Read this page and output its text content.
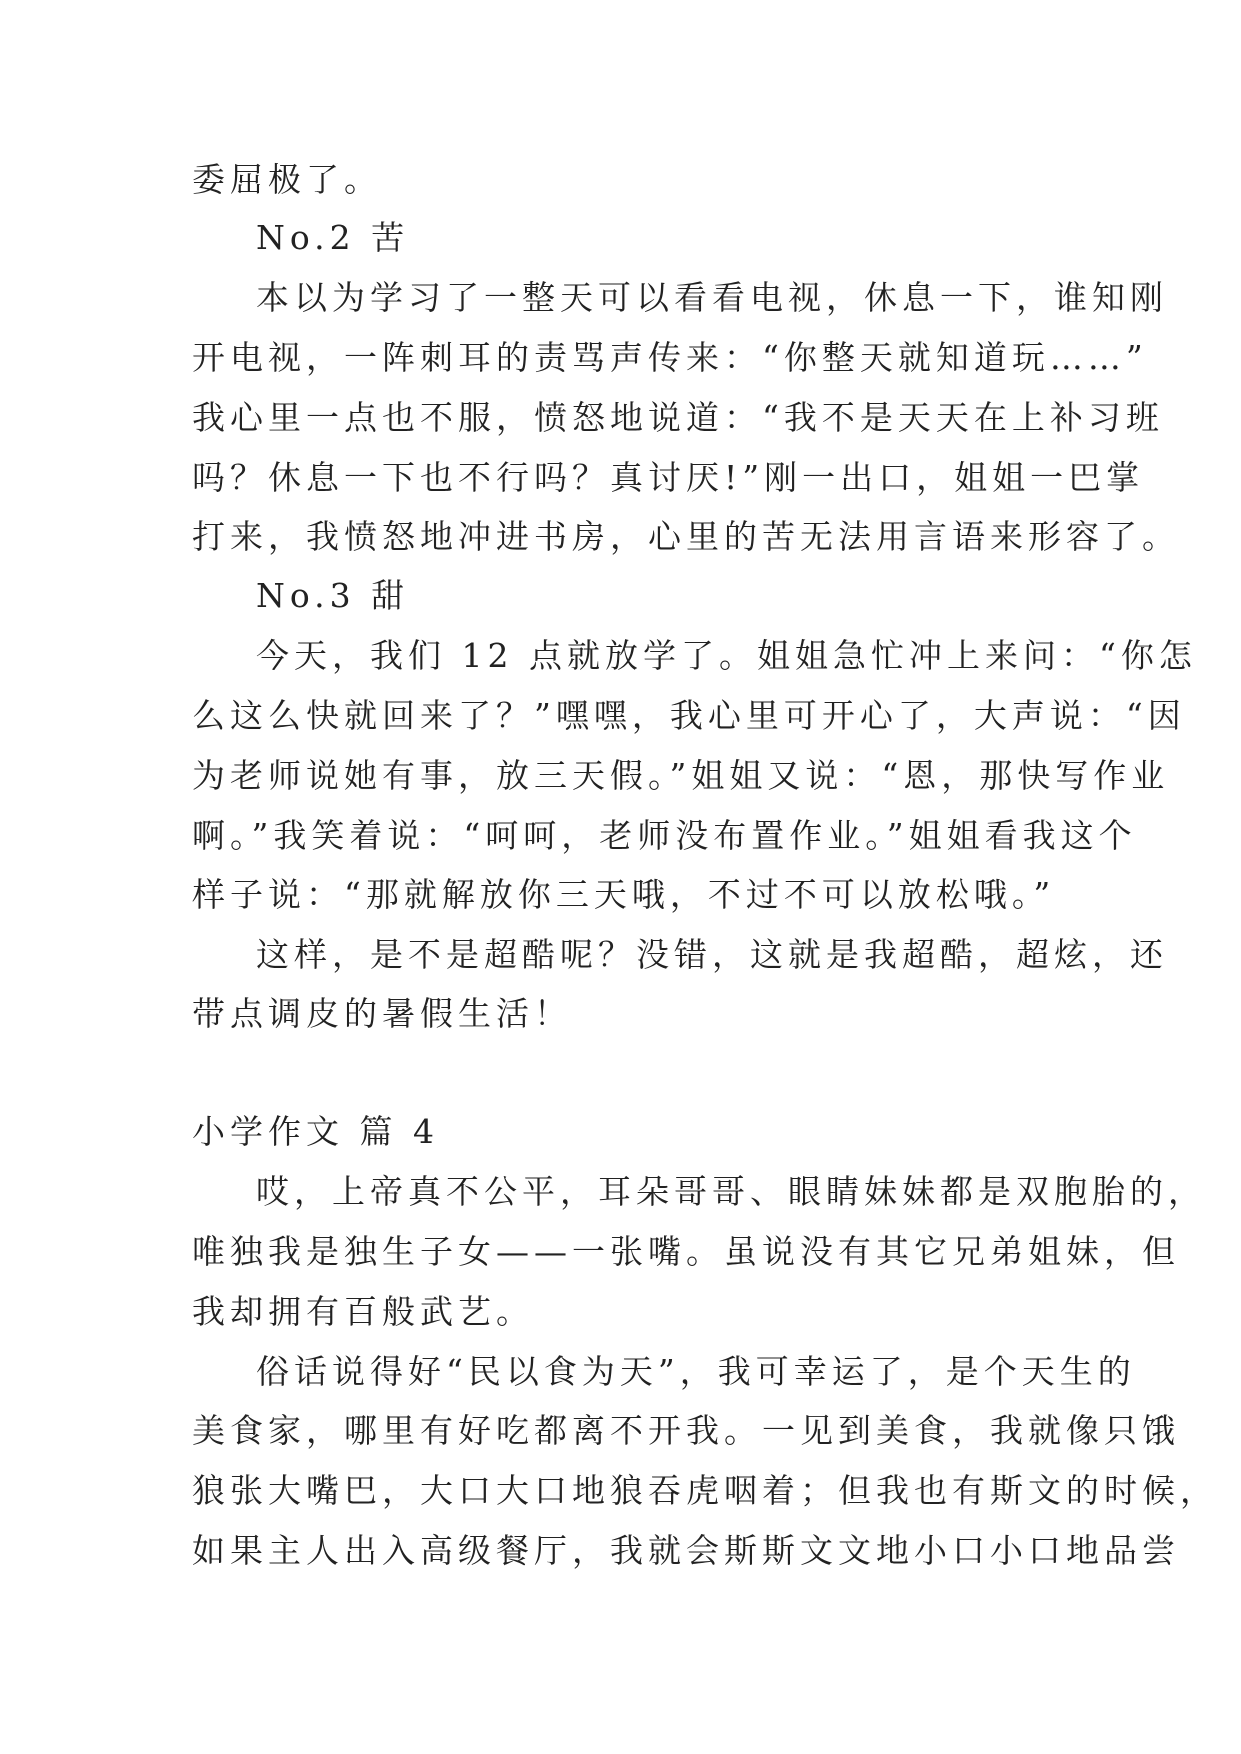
委屈极了。
No.2 苦
本以为学习了一整天可以看看电视，休息一下，谁知刚
开电视，一阵刺耳的责骂声传来：“你整天就知道玩……”
我心里一点也不服，愤怒地说道：“我不是天天在上补习班
吗？休息一下也不行吗？真讨厌!”刚一出口，姐姐一巴掌
打来，我愤怒地冲进书房，心里的苦无法用言语来形容了。
No.3 甜
今天，我们 12 点就放学了。姐姐急忙冲上来问：“你怎
么这么快就回来了？”嘿嘿，我心里可开心了，大声说：“因
为老师说她有事，放三天假。”姐姐又说：“恩，那快写作业
啊。”我笑着说：“呵呵，老师没布置作业。”姐姐看我这个
样子说：“那就解放你三天哦，不过不可以放松哦。”
这样，是不是超酷呢？没错，这就是我超酷，超炫，还
带点调皮的暑假生活！
小学作文 篇 4
哎，上帝真不公平，耳朵哥哥、眼睛妹妹都是双胞胎的，
唯独我是独生子女——一张嘴。虽说没有其它兄弟姐妹，但
我却拥有百般武艺。
俗话说得好“民以食为天”，我可幸运了，是个天生的
美食家，哪里有好吃都离不开我。一见到美食，我就像只饿
狼张大嘴巴，大口大口地狼吞虎咽着；但我也有斯文的时候，
如果主人出入高级餐厅，我就会斯斯文文地小口小口地品尝
